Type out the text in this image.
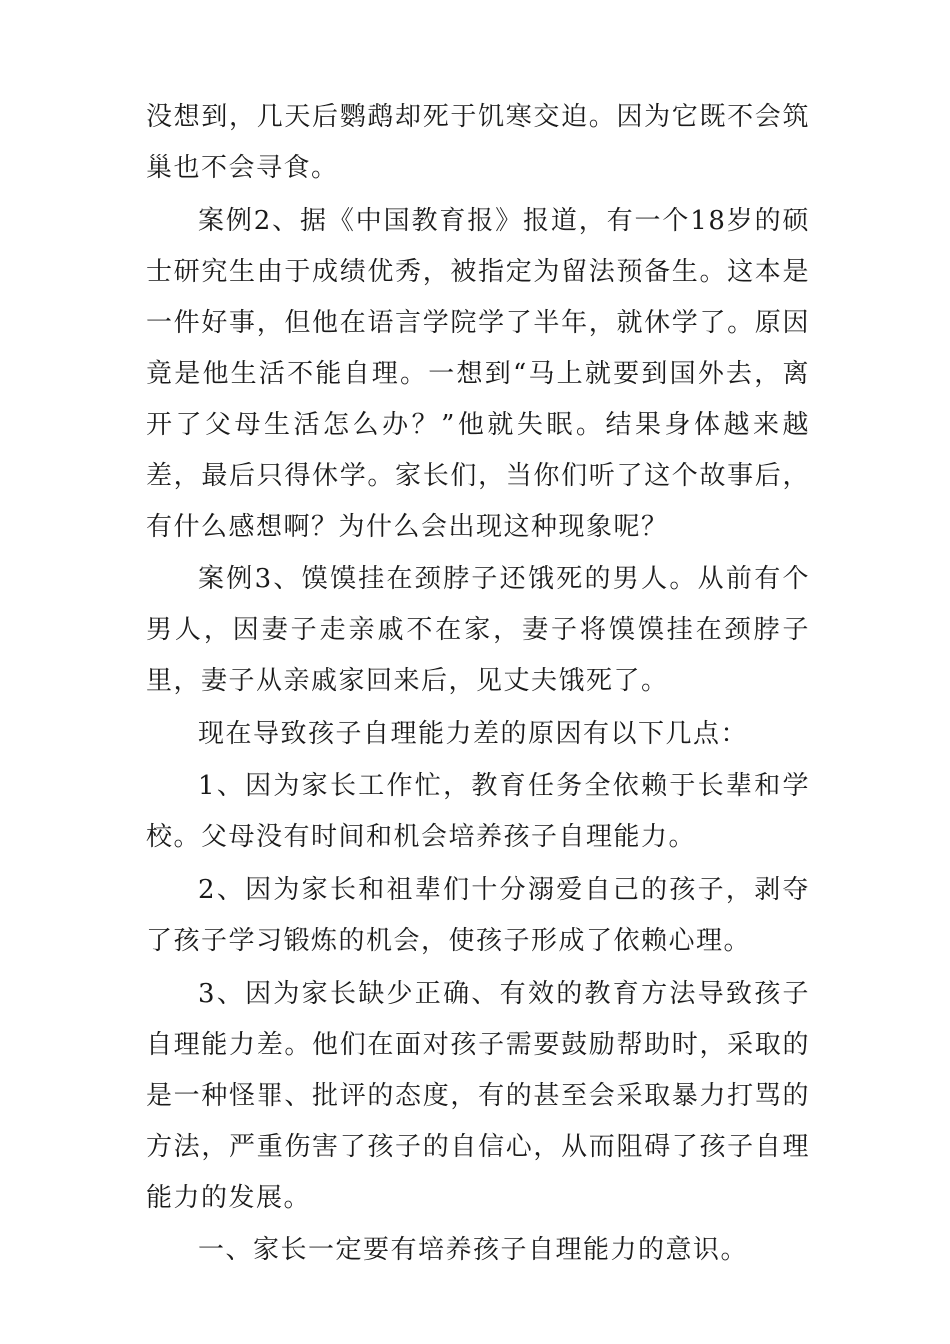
没想到，几天后鹦鹉却死于饥寒交迫。因为它既不会筑巢也不会寻食。

案例2、据《中国教育报》报道，有一个18岁的硕士研究生由于成绩优秀，被指定为留法预备生。这本是一件好事，但他在语言学院学了半年，就休学了。原因竟是他生活不能自理。一想到“马上就要到国外去，离开了父母生活怎么办？”他就失眠。结果身体越来越差，最后只得休学。家长们，当你们听了这个故事后，有什么感想啊？为什么会出现这种现象呢？

案例3、馍馍挂在颈脖子还饿死的男人。从前有个男人，因妻子走亲戚不在家，妻子将馍馍挂在颈脖子里，妻子从亲戚家回来后，见丈夫饿死了。

现在导致孩子自理能力差的原因有以下几点：

1、因为家长工作忙，教育任务全依赖于长辈和学校。父母没有时间和机会培养孩子自理能力。

2、因为家长和祖辈们十分溺爱自己的孩子，剥夺了孩子学习锻炼的机会，使孩子形成了依赖心理。

3、因为家长缺少正确、有效的教育方法导致孩子自理能力差。他们在面对孩子需要鼓励帮助时，采取的是一种怪罪、批评的态度，有的甚至会采取暴力打骂的方法，严重伤害了孩子的自信心，从而阻碍了孩子自理能力的发展。

一、家长一定要有培养孩子自理能力的意识。
